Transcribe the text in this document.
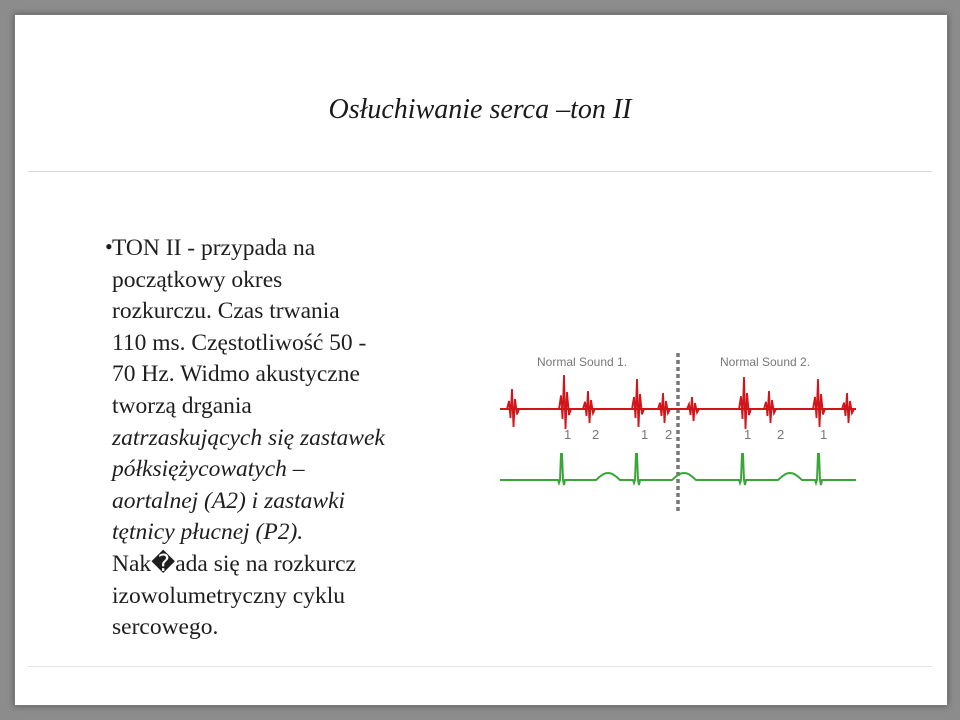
Osłuchiwanie serca –ton II
• TON II - przypada na
początkowy okres
rozkurczu. Czas trwania
110 ms. Częstotliwość 50 -
70 Hz. Widmo akustyczne
tworzą drgania
zatrzaskujących się zastawek
półksiężycowatych –
aortalnej (A2) i zastawki
tętnicy płucnej (P2).
Nak�ada się na rozkurcz
izowolumetryczny cyklu
sercowego.
Normal Sound 1.	Normal Sound 2.
1 2	1 2	1 2	1
